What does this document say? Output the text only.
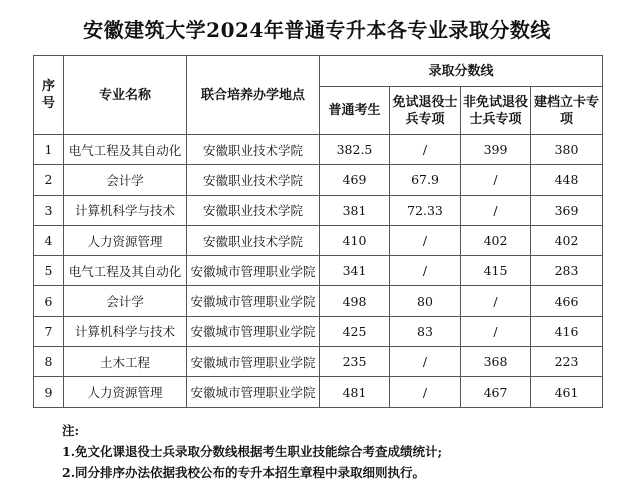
安徽建筑大学2024年普通专升本各专业录取分数线
序号	专业名称	联合培养办学地点	录取分数线			
			普通考生	免试退役士兵专项	非免试退役士兵专项	建档立卡专项
1	电气工程及其自动化	安徽职业技术学院	382.5	/	399	380
2	会计学	安徽职业技术学院	469	67.9	/	448
3	计算机科学与技术	安徽职业技术学院	381	72.33	/	369
4	人力资源管理	安徽职业技术学院	410	/	402	402
5	电气工程及其自动化	安徽城市管理职业学院	341	/	415	283
6	会计学	安徽城市管理职业学院	498	80	/	466
7	计算机科学与技术	安徽城市管理职业学院	425	83	/	416
8	土木工程	安徽城市管理职业学院	235	/	368	223
9	人力资源管理	安徽城市管理职业学院	481	/	467	461
注:
1.免文化课退役士兵录取分数线根据考生职业技能综合考查成绩统计;
2.同分排序办法依据我校公布的专升本招生章程中录取细则执行。
